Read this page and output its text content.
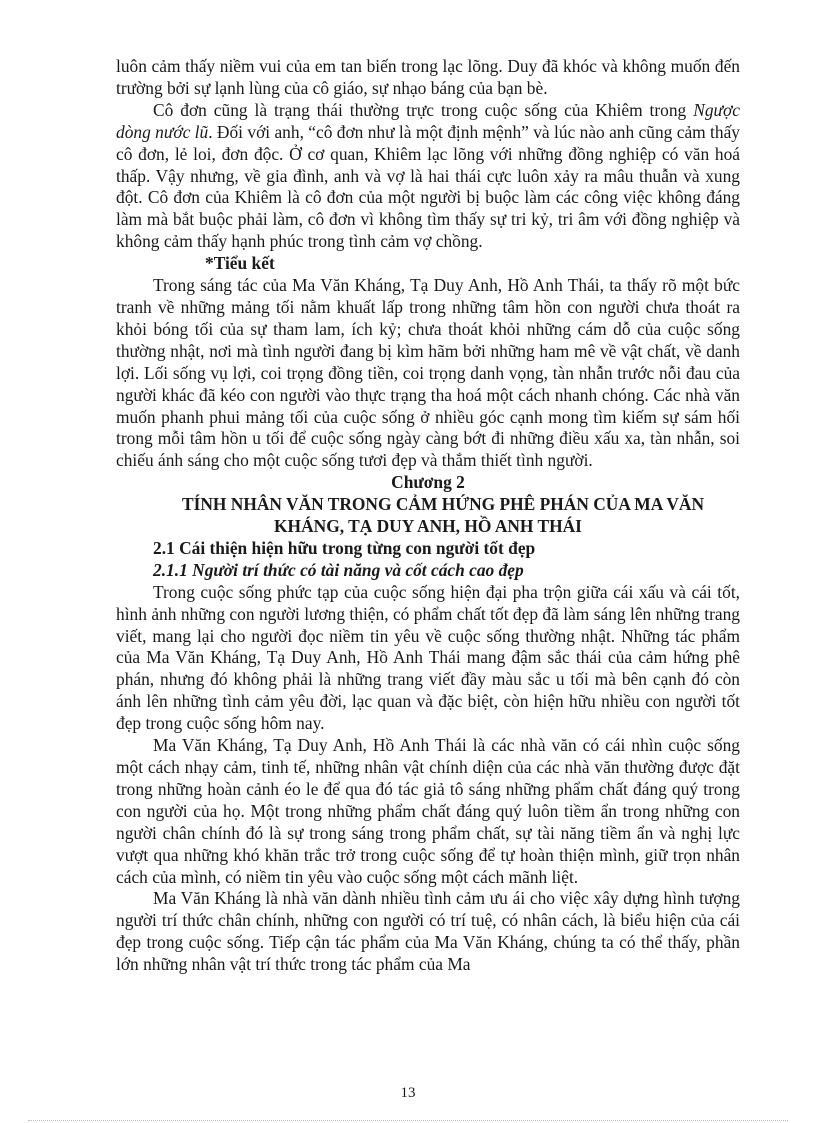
luôn cảm thấy niềm vui của em tan biến trong lạc lõng. Duy đã khóc và không muốn đến trường bởi sự lạnh lùng của cô giáo, sự nhạo báng của bạn bè.

Cô đơn cũng là trạng thái thường trực trong cuộc sống của Khiêm trong Ngược dòng nước lũ. Đối với anh, “cô đơn như là một định mệnh” và lúc nào anh cũng cảm thấy cô đơn, lẻ loi, đơn độc. Ở cơ quan, Khiêm lạc lõng với những đồng nghiệp có văn hoá thấp. Vậy nhưng, về gia đình, anh và vợ là hai thái cực luôn xảy ra mâu thuẫn và xung đột. Cô đơn của Khiêm là cô đơn của một người bị buộc làm các công việc không đáng làm mà bắt buộc phải làm, cô đơn vì không tìm thấy sự tri kỷ, tri âm với đồng nghiệp và không cảm thấy hạnh phúc trong tình cảm vợ chồng.

*Tiểu kết

Trong sáng tác của Ma Văn Kháng, Tạ Duy Anh, Hồ Anh Thái, ta thấy rõ một bức tranh về những mảng tối nằm khuất lấp trong những tâm hồn con người chưa thoát ra khỏi bóng tối của sự tham lam, ích kỷ; chưa thoát khỏi những cám dỗ của cuộc sống thường nhật, nơi mà tình người đang bị kìm hãm bởi những ham mê về vật chất, về danh lợi. Lối sống vụ lợi, coi trọng đồng tiền, coi trọng danh vọng, tàn nhẫn trước nỗi đau của người khác đã kéo con người vào thực trạng tha hoá một cách nhanh chóng. Các nhà văn muốn phanh phui mảng tối của cuộc sống ở nhiều góc cạnh mong tìm kiếm sự sám hối trong mỗi tâm hồn u tối để cuộc sống ngày càng bớt đi những điều xấu xa, tàn nhẫn, soi chiếu ánh sáng cho một cuộc sống tươi đẹp và thắm thiết tình người.

Chương 2

TÍNH NHÂN VĂN TRONG CẢM HỨNG PHÊ PHÁN CỦA MA VĂN

KHÁNG, TẠ DUY ANH, HỒ ANH THÁI

2.1 Cái thiện hiện hữu trong từng con người tốt đẹp

2.1.1 Người trí thức có tài năng và cốt cách cao đẹp

Trong cuộc sống phức tạp của cuộc sống hiện đại pha trộn giữa cái xấu và cái tốt, hình ảnh những con người lương thiện, có phẩm chất tốt đẹp đã làm sáng lên những trang viết, mang lại cho người đọc niềm tin yêu về cuộc sống thường nhật. Những tác phẩm của Ma Văn Kháng, Tạ Duy Anh, Hồ Anh Thái mang đậm sắc thái của cảm hứng phê phán, nhưng đó không phải là những trang viết đầy màu sắc u tối mà bên cạnh đó còn ánh lên những tình cảm yêu đời, lạc quan và đặc biệt, còn hiện hữu nhiều con người tốt đẹp trong cuộc sống hôm nay.

Ma Văn Kháng, Tạ Duy Anh, Hồ Anh Thái là các nhà văn có cái nhìn cuộc sống một cách nhạy cảm, tinh tế, những nhân vật chính diện của các nhà văn thường được đặt trong những hoàn cảnh éo le để qua đó tác giả tô sáng những phẩm chất đáng quý trong con người của họ. Một trong những phẩm chất đáng quý luôn tiềm ẩn trong những con người chân chính đó là sự trong sáng trong phẩm chất, sự tài năng tiềm ẩn và nghị lực vượt qua những khó khăn trắc trở trong cuộc sống để tự hoàn thiện mình, giữ trọn nhân cách của mình, có niềm tin yêu vào cuộc sống một cách mãnh liệt.

Ma Văn Kháng là nhà văn dành nhiều tình cảm ưu ái cho việc xây dựng hình tượng người trí thức chân chính, những con người có trí tuệ, có nhân cách, là biểu hiện của cái đẹp trong cuộc sống. Tiếp cận tác phẩm của Ma Văn Kháng, chúng ta có thể thấy, phần lớn những nhân vật trí thức trong tác phẩm của Ma

13
